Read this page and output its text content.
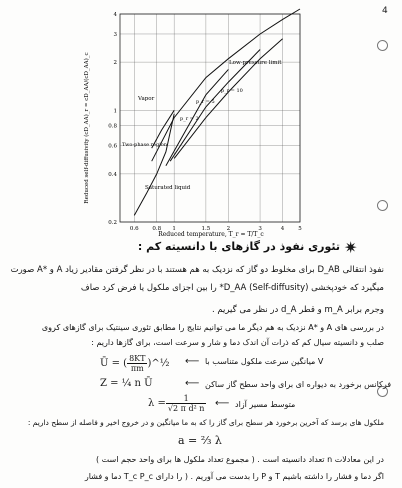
4
0.6 0.8 1	1.5	2	3	4	5
0.2
0.4
0.6
0.8
1
2
3
4
Reduced self-diffusivity (cD_AA)_r = cD_AA/(cD_AA)_c
Reduced temperature, T_r = T/T_c
Low-pressure limit
Vapor
Two-phase region
Saturated liquid
p_r = 10
p_r = 5
p_r = 2
✷
تئوری نفوذ در گازهای با دانسیته کم :
نفوذ انتقالی D_AB برای مخلوط دو گاز که نزدیک به هم هستند با در نظر گرفتن مقادیر زیاد A و *A صورت
میگیرد که خودپخشی (Self-diffusity) D_AA* را بین اجزای ملکول یا فرض کرد صاف
وجرم برابر m_A و قطر d_A در نظر می گیریم .
در بررسی های A و *A نزدیک به هم دیگر ما می توانیم نتایج را مطابق تئوری سینتیک برای گازهای کروی
صلب و دانسیته سیال کم که ذرات آن اندک دما و شار و سرعت است، برای گازها داریم :
Ū = ( $\frac{8KT}{\pi m}$ )^½ ⟵ میانگین سرعت ملکول متناسب با V
Z = ¼ n Ū	⟵ فرکانس برخورد به دیواره ای برای واحد سطح گاز ساکن
$\lambda = \frac{1}{\text{√2 π d² n}}$ ⟵ متوسط مسیر آزاد
ملکول های برسد که آخرین برخورد هر سطح برای گاز را که به ما میانگین و در خروج اخیر و فاصله از سطح داریم :
a = ⅔ λ
در این معادلات n تعداد دانسیته است . ( مجموع تعداد ملکول ها برای واحد حجم است )
اگر دما و فشار را داشته باشیم T و P را بدست می آوریم . ( را دارای T_c P_c دما و فشار
